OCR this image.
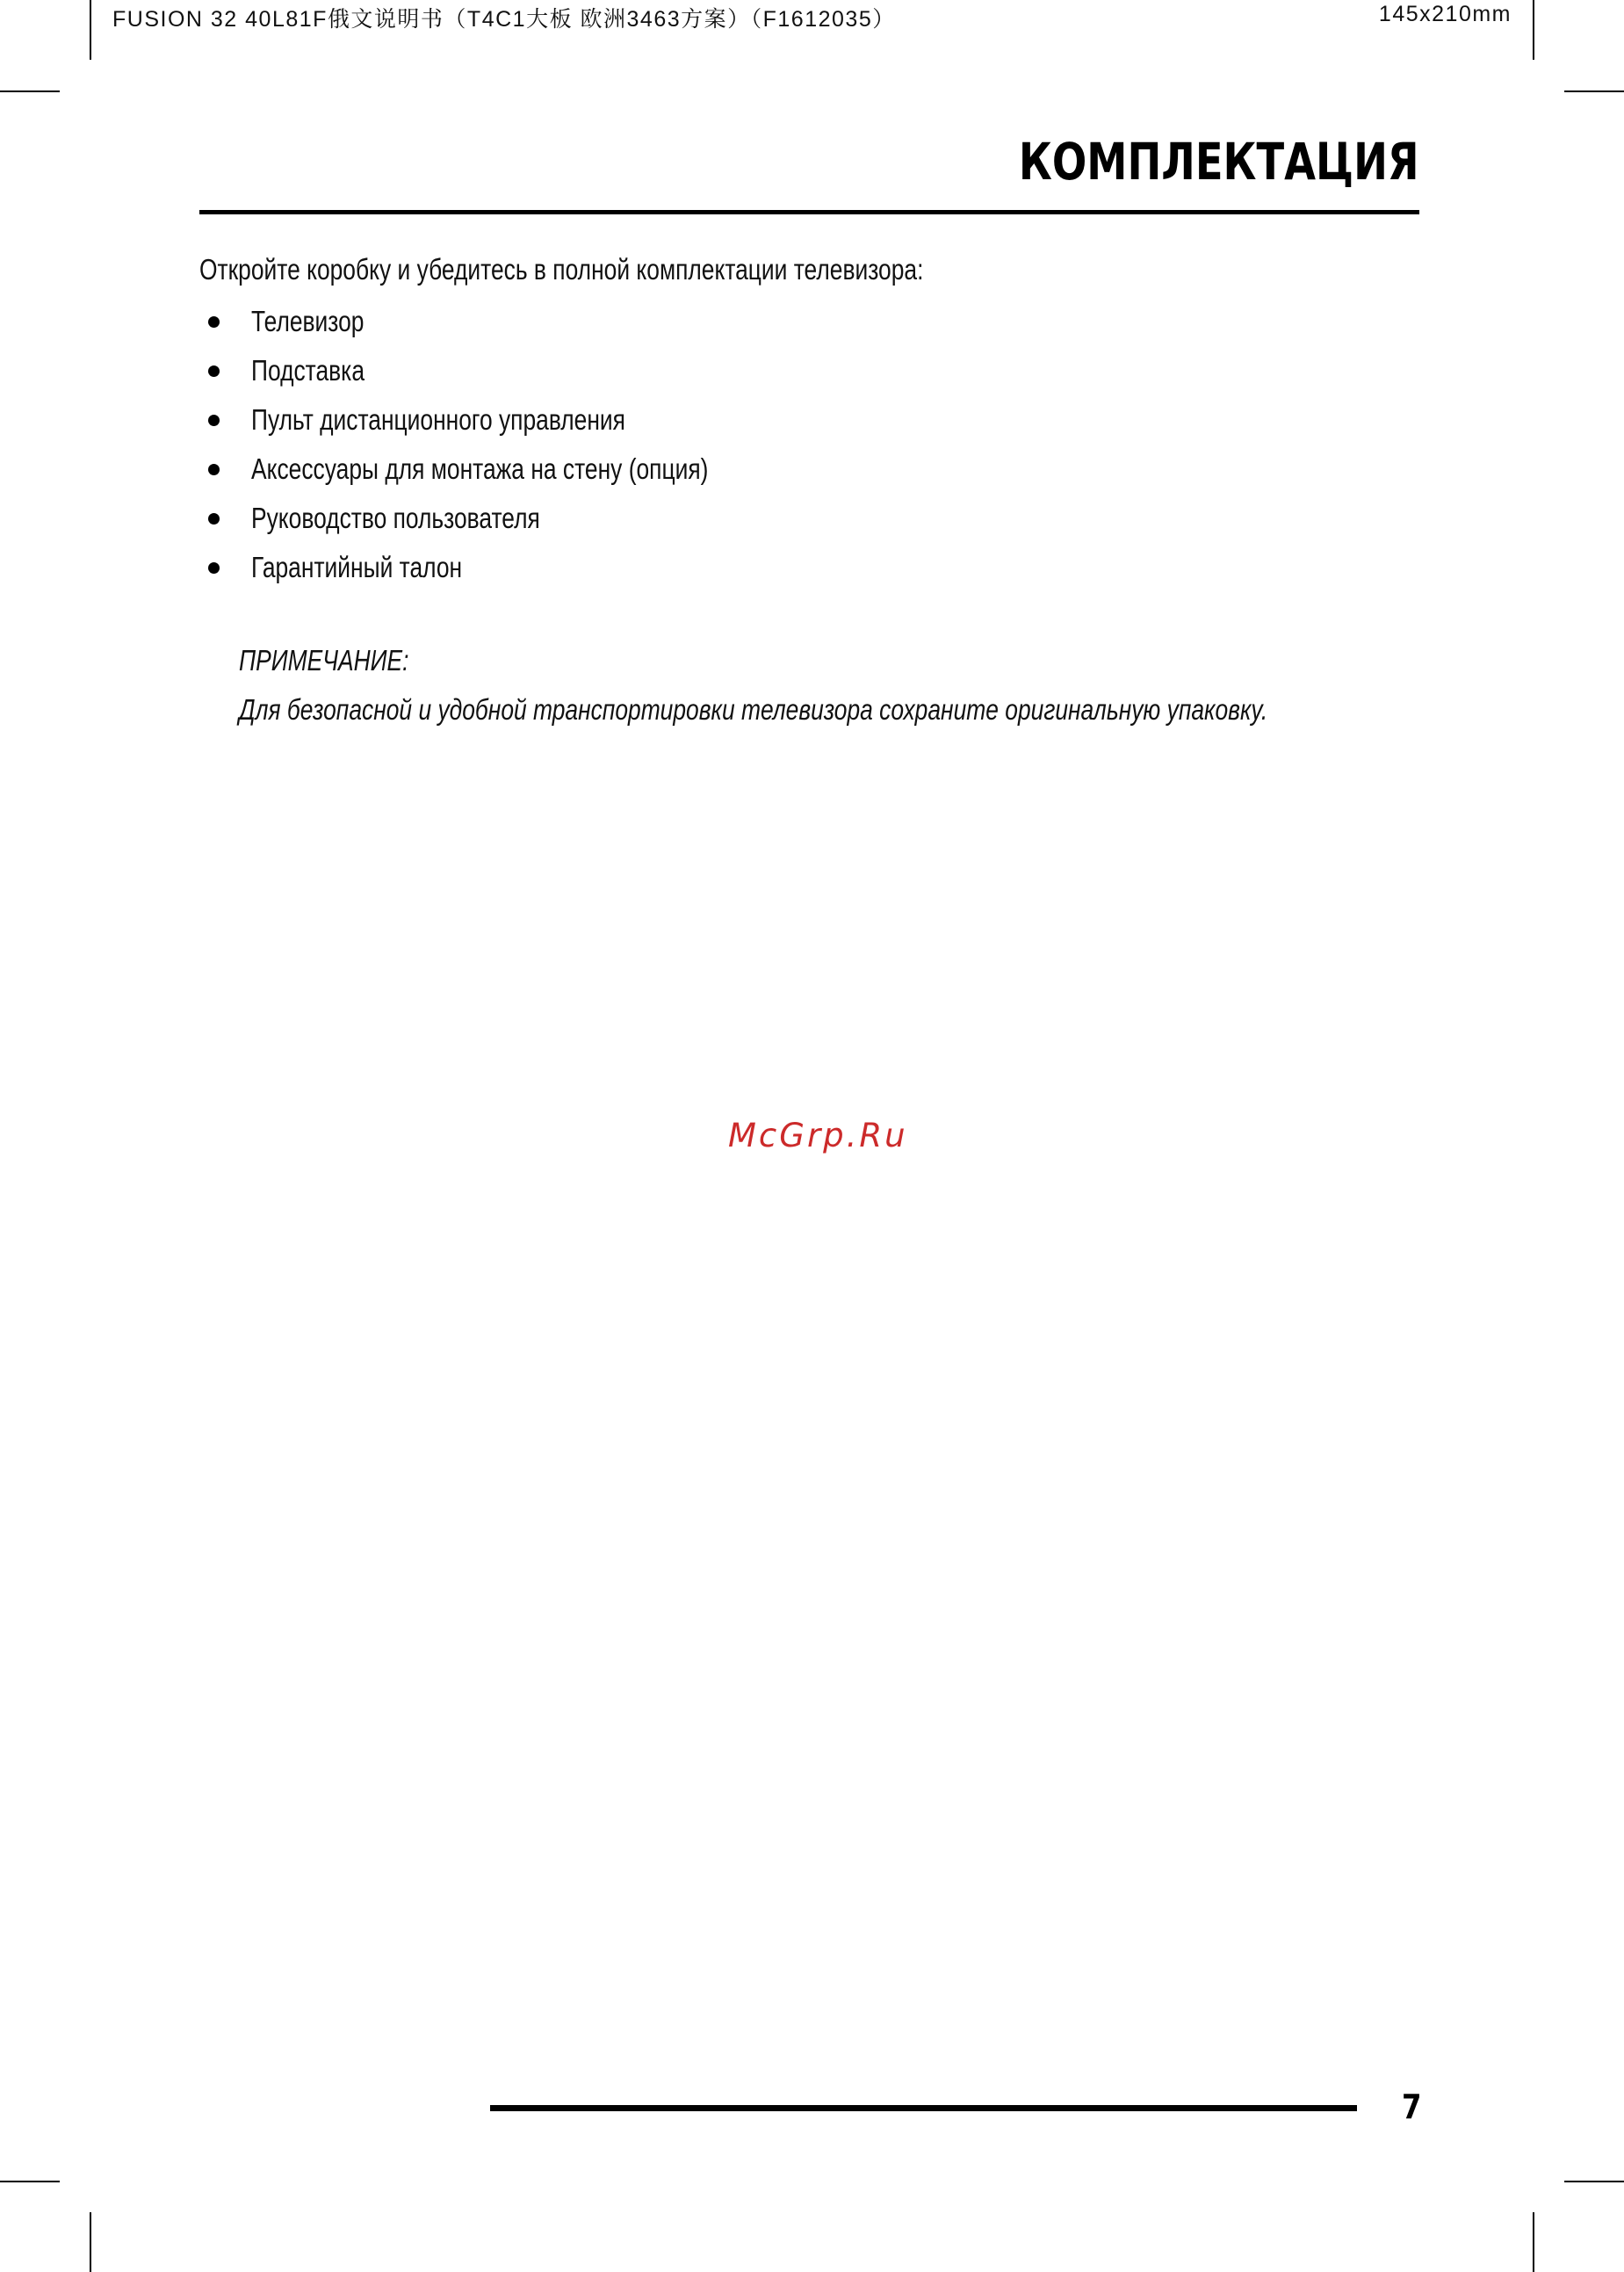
FUSION 32 40L81F俄文说明书（T4C1大板 欧洲3463方案）（F1612035）	145x210mm
КОМПЛЕКТАЦИЯ

Откройте коробку и убедитесь в полной комплектации телевизора:

Телевизор
Подставка
Пульт дистанционного управления
Аксессуары для монтажа на стену (опция)
Руководство пользователя
Гарантийный талон
ПРИМЕЧАНИЕ:
Для безопасной и удобной транспортировки телевизора сохраните оригинальную упаковку.
McGrp.Ru
7
